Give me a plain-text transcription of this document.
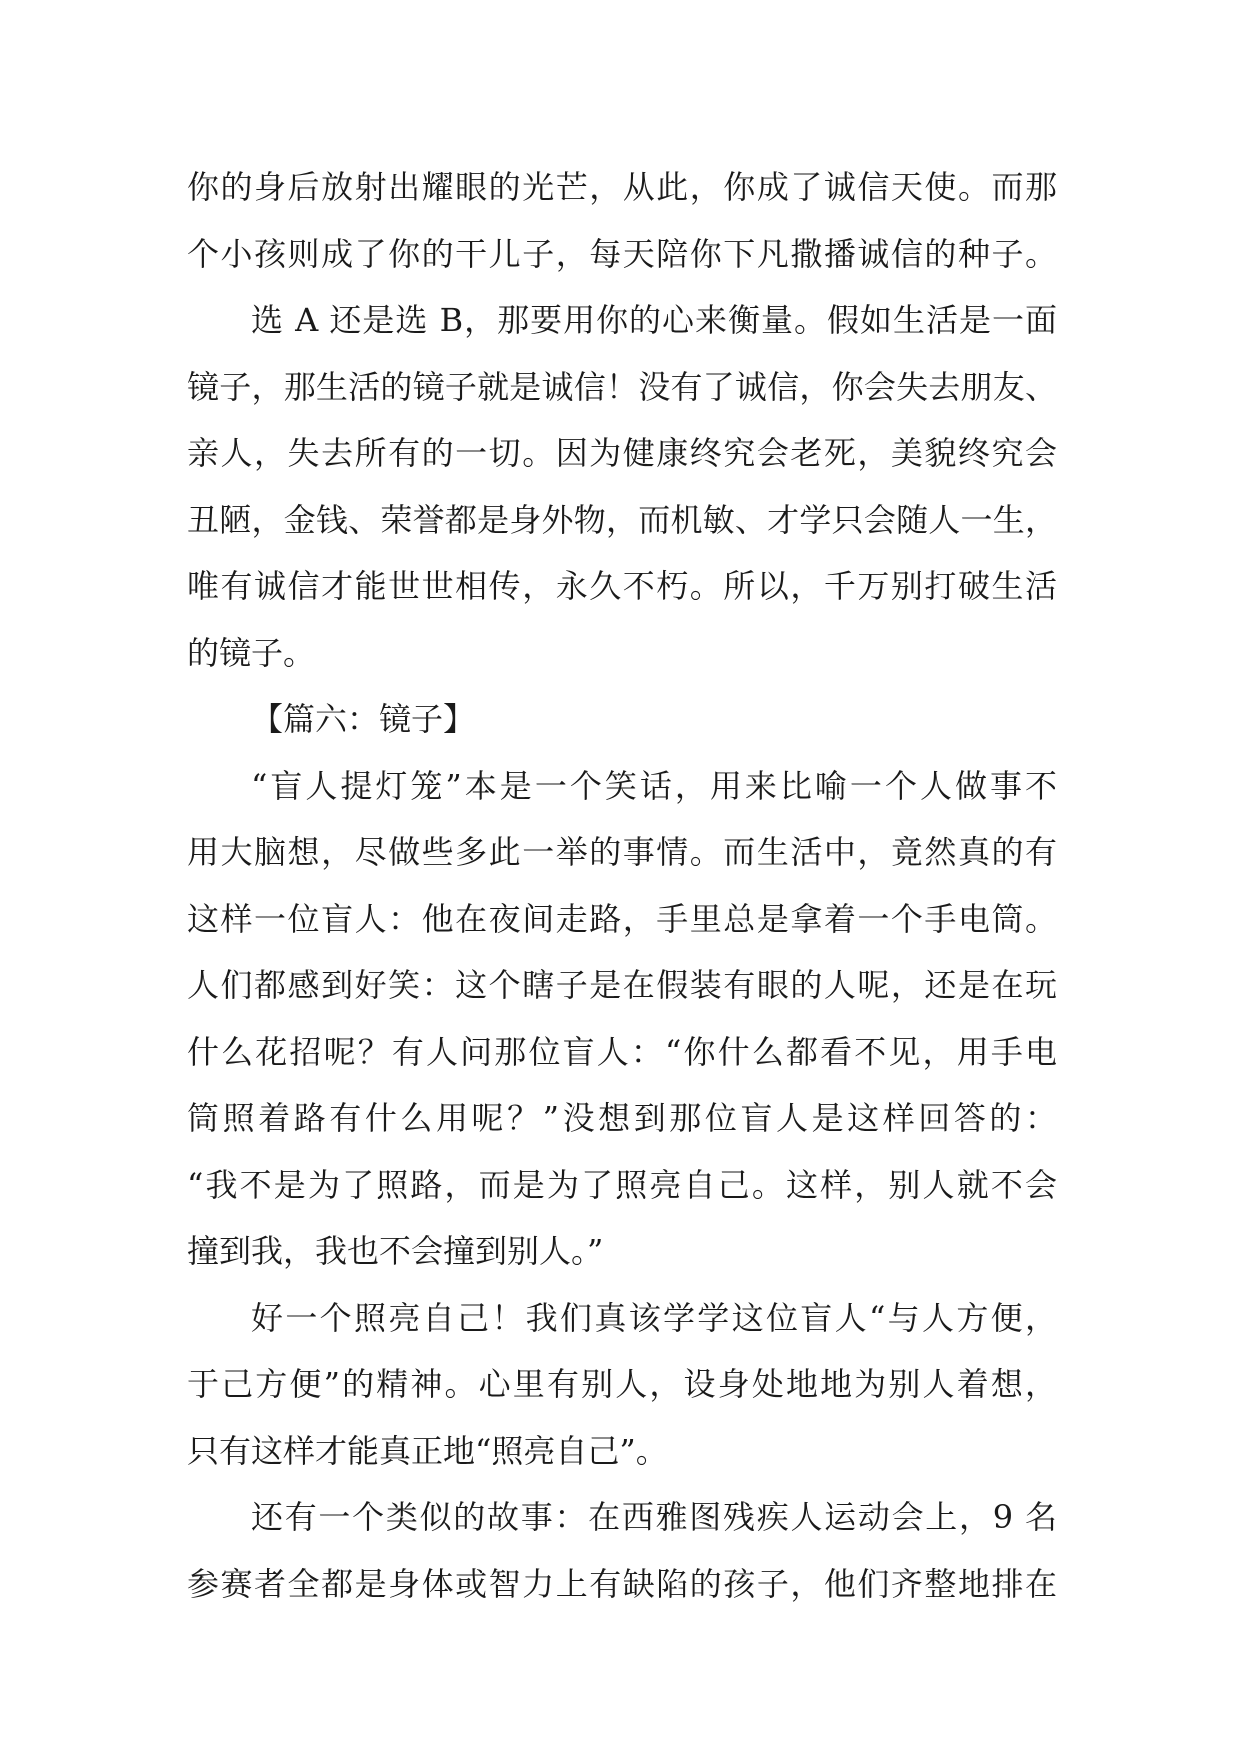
你的身后放射出耀眼的光芒，从此，你成了诚信天使。而那
个小孩则成了你的干儿子，每天陪你下凡撒播诚信的种子。
选 A 还是选 B，那要用你的心来衡量。假如生活是一面
镜子，那生活的镜子就是诚信！没有了诚信，你会失去朋友、
亲人，失去所有的一切。因为健康终究会老死，美貌终究会
丑陋，金钱、荣誉都是身外物，而机敏、才学只会随人一生，
唯有诚信才能世世相传，永久不朽。所以，千万别打破生活
的镜子。
【篇六：镜子】
“盲人提灯笼”本是一个笑话，用来比喻一个人做事不
用大脑想，尽做些多此一举的事情。而生活中，竟然真的有
这样一位盲人：他在夜间走路，手里总是拿着一个手电筒。
人们都感到好笑：这个瞎子是在假装有眼的人呢，还是在玩
什么花招呢？有人问那位盲人：“你什么都看不见，用手电
筒照着路有什么用呢？”没想到那位盲人是这样回答的：
“我不是为了照路，而是为了照亮自己。这样，别人就不会
撞到我，我也不会撞到别人。”
好一个照亮自己！我们真该学学这位盲人“与人方便，
于己方便”的精神。心里有别人，设身处地地为别人着想，
只有这样才能真正地“照亮自己”。
还有一个类似的故事：在西雅图残疾人运动会上，9 名
参赛者全都是身体或智力上有缺陷的孩子，他们齐整地排在
